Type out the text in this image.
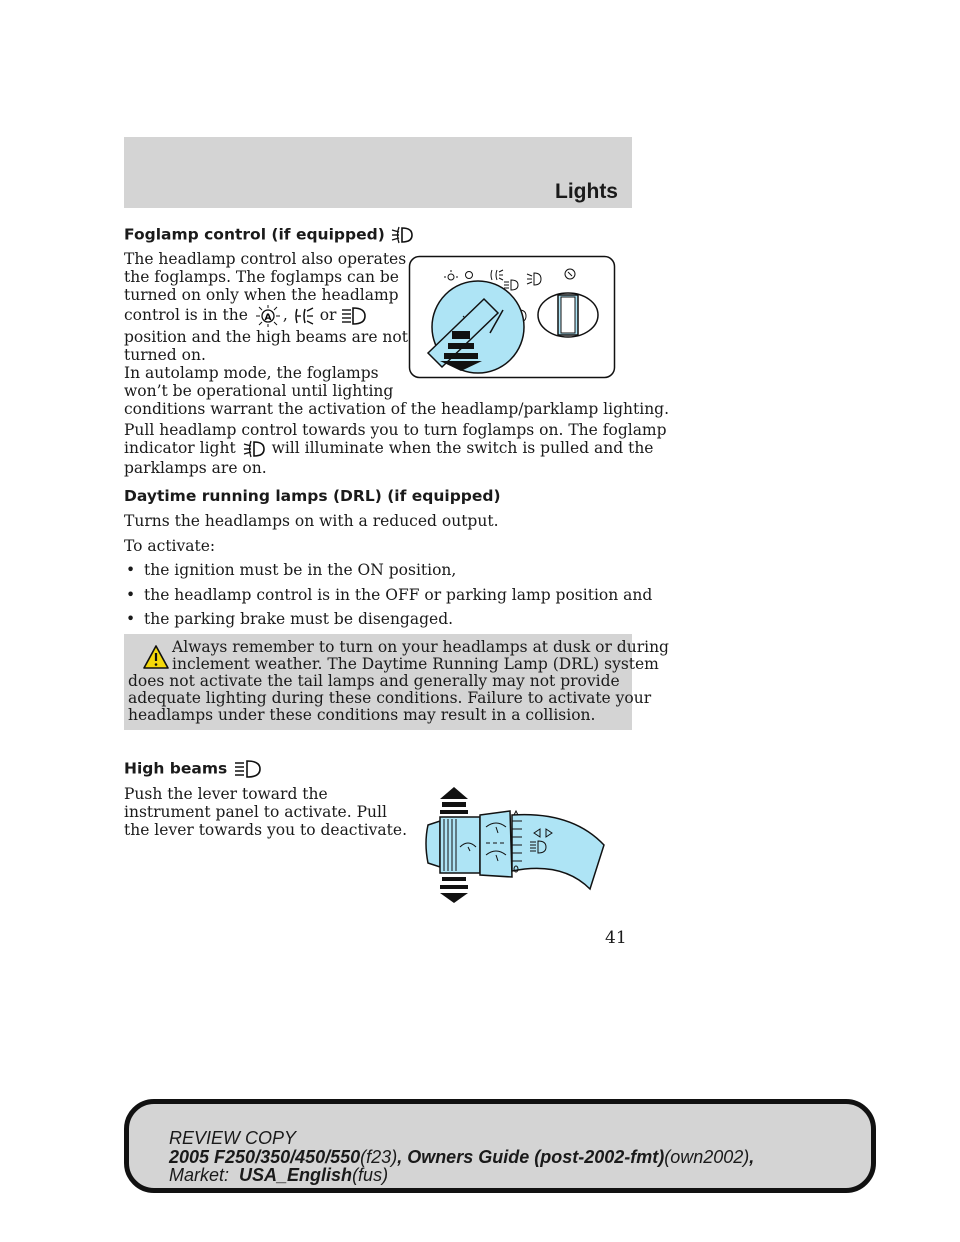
Lights
Foglamp control (if equipped)
The headlamp control also operates
the foglamps. The foglamps can be
turned on only when the headlamp
control is in the A , or
position and the high beams are not
turned on.
In autolamp mode, the foglamps
won’t be operational until lighting
conditions warrant the activation of the headlamp/parklamp lighting.
Pull headlamp control towards you to turn foglamps on. The foglamp
indicator light will illuminate when the switch is pulled and the
parklamps are on.
Daytime running lamps (DRL) (if equipped)
Turns the headlamps on with a reduced output.
To activate:
• the ignition must be in the ON position,
• the headlamp control is in the OFF or parking lamp position and
• the parking brake must be disengaged.
Always remember to turn on your headlamps at dusk or during
inclement weather. The Daytime Running Lamp (DRL) system
does not activate the tail lamps and generally may not provide
adequate lighting during these conditions. Failure to activate your
headlamps under these conditions may result in a collision.
High beams
Push the lever toward the
instrument panel to activate. Pull
the lever towards you to deactivate.
41
REVIEW COPY
2005 F250/350/450/550(f23), Owners Guide (post-2002-fmt)(own2002),
Market: USA_English(fus)
